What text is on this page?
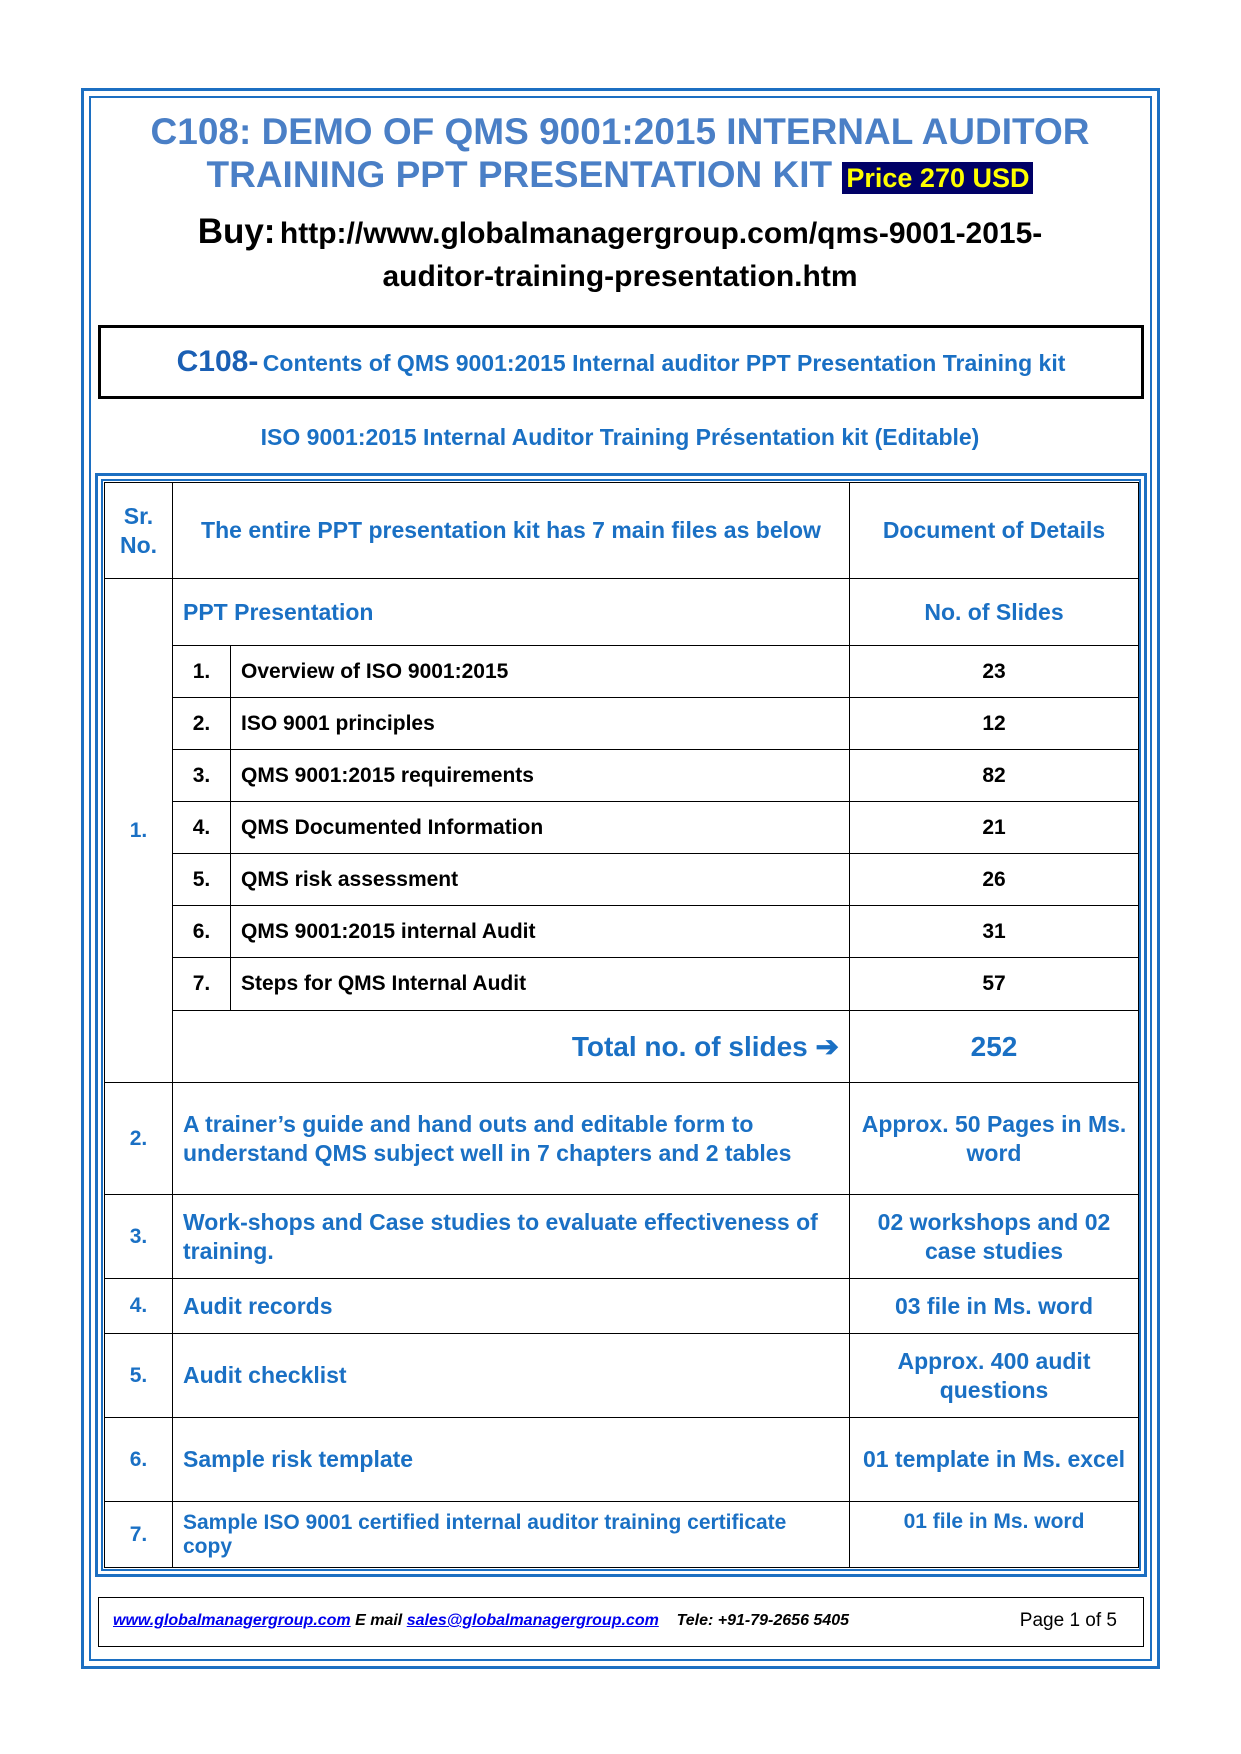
C108: DEMO OF QMS 9001:2015 INTERNAL AUDITOR
TRAINING PPT PRESENTATION KIT Price 270 USD
Buy: http://www.globalmanagergroup.com/qms-9001-2015-
auditor-training-presentation.htm
C108- Contents of QMS 9001:2015 Internal auditor PPT Presentation Training kit
ISO 9001:2015 Internal Auditor Training Présentation kit (Editable)
Sr. No.	The entire PPT presentation kit has 7 main files as below		Document of Details
1.	PPT Presentation		No. of Slides
	1.	Overview of ISO 9001:2015	23
	2.	ISO 9001 principles	12
	3.	QMS 9001:2015 requirements	82
	4.	QMS Documented Information	21
	5.	QMS risk assessment	26
	6.	QMS 9001:2015 internal Audit	31
	7.	Steps for QMS Internal Audit	57
	Total no. of slides ➔		252
2.	A trainer’s guide and hand outs and editable form to understand QMS subject well in 7 chapters and 2 tables		Approx. 50 Pages in Ms. word
3.	Work-shops and Case studies to evaluate effectiveness of training.		02 workshops and 02 case studies
4.	Audit records		03 file in Ms. word
5.	Audit checklist		Approx. 400 audit questions
6.	Sample risk template		01 template in Ms. excel
7.	Sample ISO 9001 certified internal auditor training certificate copy		01 file in Ms. word
www.globalmanagergroup.com E mail sales@globalmanagergroup.com Tele: +91-79-2656 5405	Page 1 of 5
